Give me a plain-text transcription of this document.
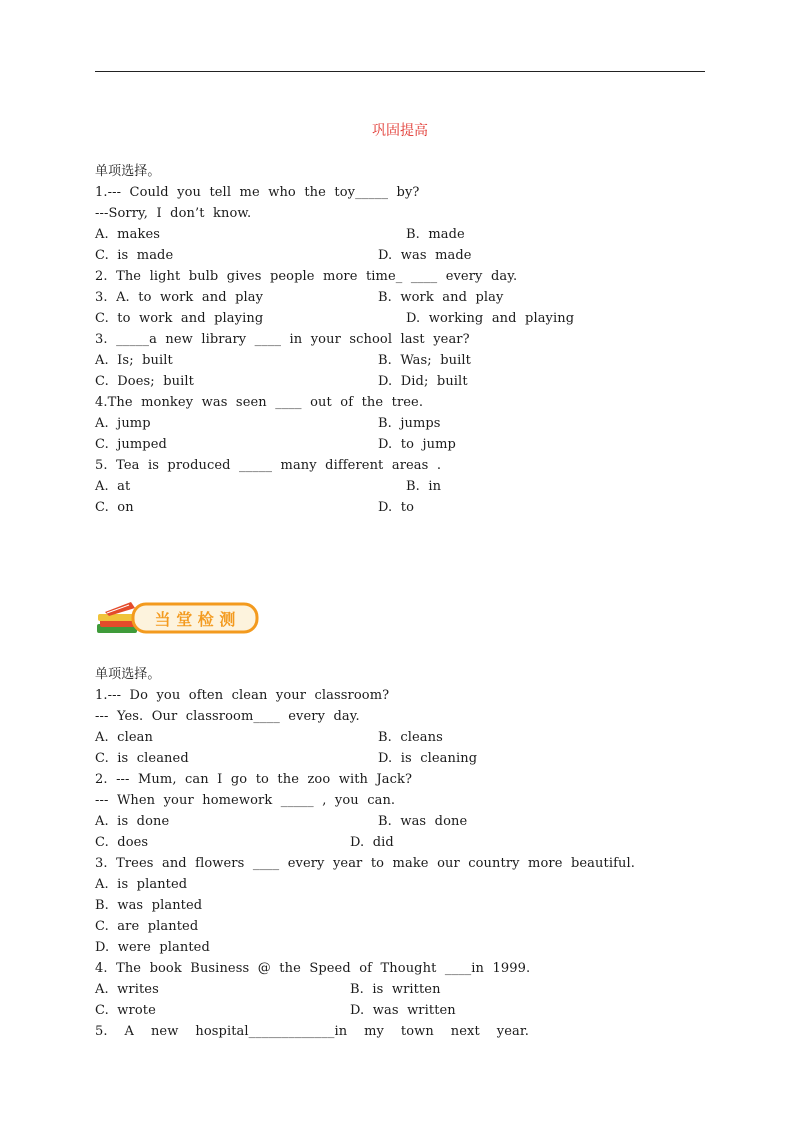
巩固提高
单项选择。
1.---  Could  you  tell  me  who  the  toy_____  by?
---Sorry,  I  don’t  know.
A.  makes	B.  made
C.  is  made	D.  was  made
2.  The  light  bulb  gives  people  more  time_  ____  every  day.
3.  A.  to  work  and  play	B.  work  and  play
C.  to  work  and  playing	D.  working  and  playing
3.  _____a  new  library  ____  in  your  school  last  year?
A.  Is;  built	B.  Was;  built
C.  Does;  built	D.  Did;  built
4.The  monkey  was  seen  ____  out  of  the  tree.
A.  jump	B.  jumps
C.  jumped	D.  to  jump
5.  Tea  is  produced  _____  many  different  areas  .
A.  at	B.  in
C.  on	D.  to
当 堂 检 测
单项选择。
1.---  Do  you  often  clean  your  classroom?
---  Yes.  Our  classroom____  every  day.
A.  clean	B.  cleans
C.  is  cleaned	D.  is  cleaning
2.  ---  Mum,  can  I  go  to  the  zoo  with  Jack?
---  When  your  homework  _____  ,  you  can.
A.  is  done	B.  was  done
C.  does	D.  did
3.  Trees  and  flowers  ____  every  year  to  make  our  country  more  beautiful.
A.  is  planted
B.  was  planted
C.  are  planted
D.  were  planted
4.  The  book  Business  @  the  Speed  of  Thought  ____in  1999.
A.  writes	B.  is  written
C.  wrote	D.  was  written
5.    A    new    hospital_____________in    my    town    next    year.
